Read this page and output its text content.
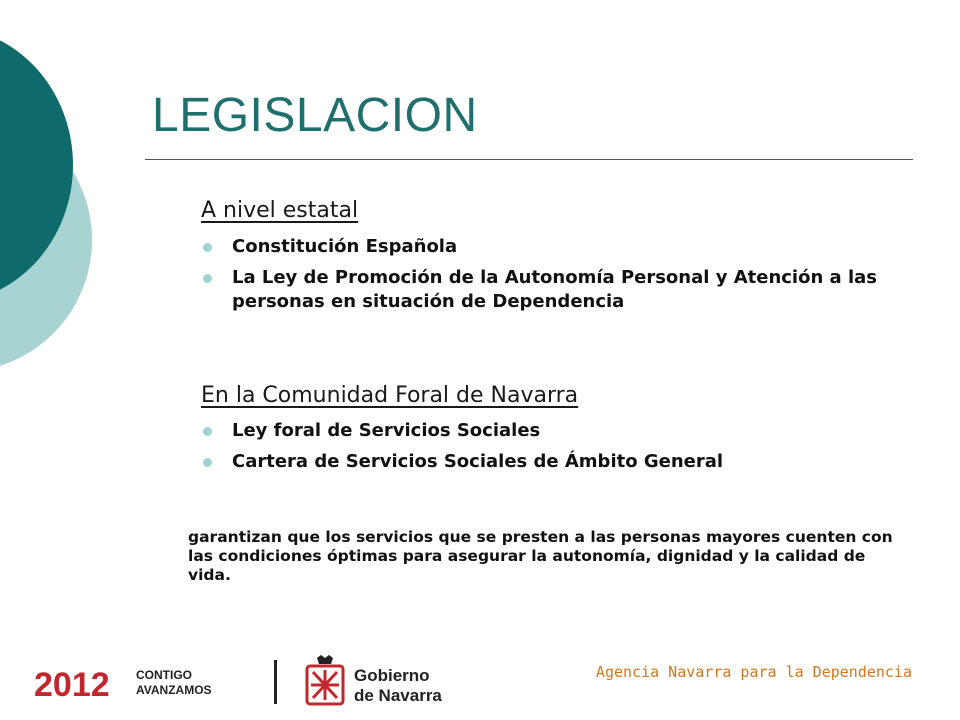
LEGISLACION
A nivel estatal
Constitución Española
La Ley de Promoción de la Autonomía Personal y Atención a las personas en situación de Dependencia
En la Comunidad Foral de Navarra
Ley foral de Servicios Sociales
Cartera de Servicios Sociales de Ámbito General
garantizan que los servicios que se presten a las personas mayores cuenten con las condiciones óptimas para asegurar la autonomía, dignidad y la calidad de vida.
2012 CONTIGO
AVANZAMOS
Gobierno
de Navarra
Agencia Navarra para la Dependencia
